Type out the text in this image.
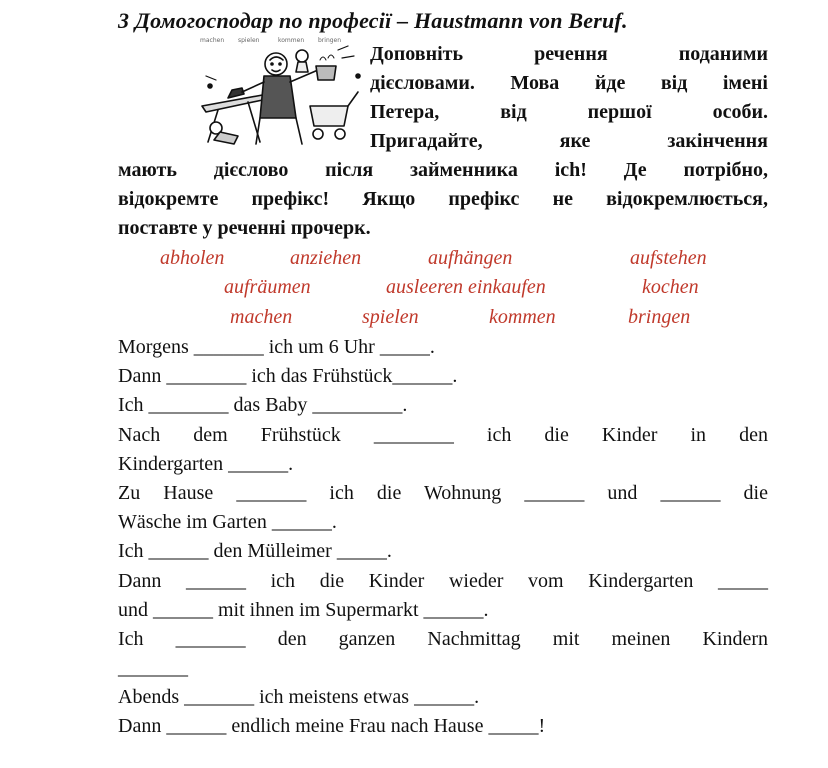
3 Домогосподар по професії – Haustmann von Beruf.
machen spielen	kommen bringen
Доповніть речення поданими
дієсловами. Мова йде від імені
Петера, від першої особи.
Пригадайте, яке закінчення
мають дієслово після займенника ich! Де потрібно,
відокремте префікс! Якщо префікс не відокремлюється,
поставте у реченні прочерк.
abholen	anziehen	aufhängen	aufstehen
aufräumen	ausleeren einkaufen	kochen
machen	spielen	kommen	bringen
Morgens _______ ich um 6 Uhr _____.
Dann ________ ich das Frühstück______.
Ich ________ das Baby _________.
Nach dem Frühstück ________ ich die Kinder in den
Kindergarten ______.
Zu Hause _______ ich die Wohnung ______ und ______ die
Wäsche im Garten ______.
Ich ______ den Mülleimer _____.
Dann ______ ich die Kinder wieder vom Kindergarten _____
und ______ mit ihnen im Supermarkt ______.
Ich _______ den ganzen Nachmittag mit meinen Kindern
_______
Abends _______ ich meistens etwas ______.
Dann ______ endlich meine Frau nach Hause _____!
